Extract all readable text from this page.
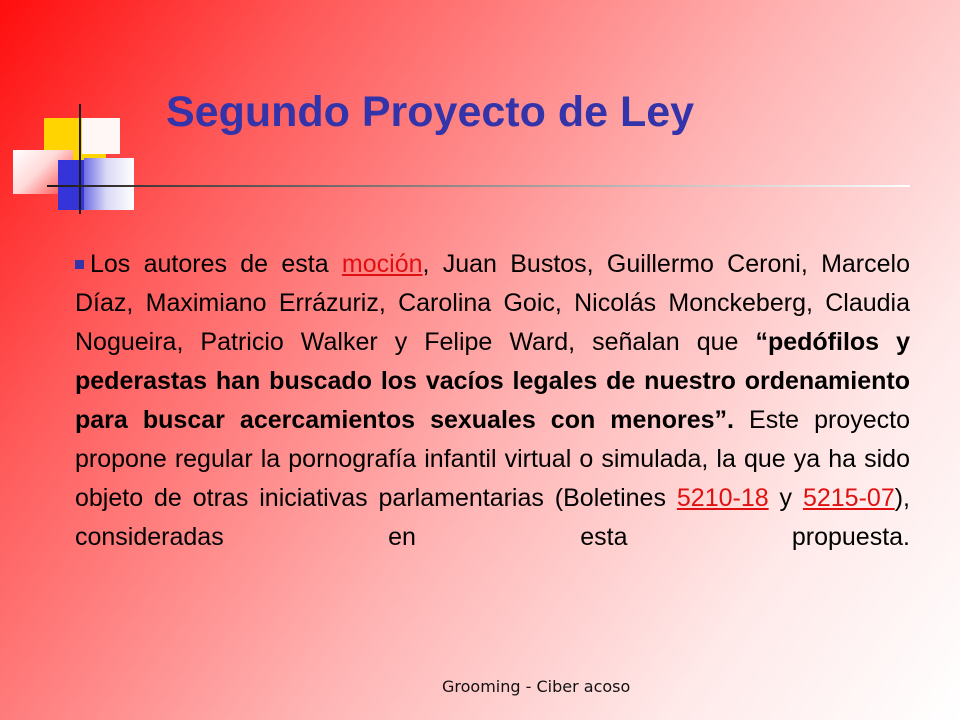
Segundo Proyecto de Ley

Los autores de esta moción, Juan Bustos, Guillermo Ceroni, Marcelo Díaz, Maximiano Errázuriz, Carolina Goic, Nicolás Monckeberg, Claudia Nogueira, Patricio Walker y Felipe Ward, señalan que “pedófilos y pederastas han buscado los vacíos legales de nuestro ordenamiento para buscar acercamientos sexuales con menores”. Este proyecto propone regular la pornografía infantil virtual o simulada, la que ya ha sido objeto de otras iniciativas parlamentarias (Boletines 5210-18 y 5215-07), consideradas en esta propuesta.

Grooming - Ciber acoso
